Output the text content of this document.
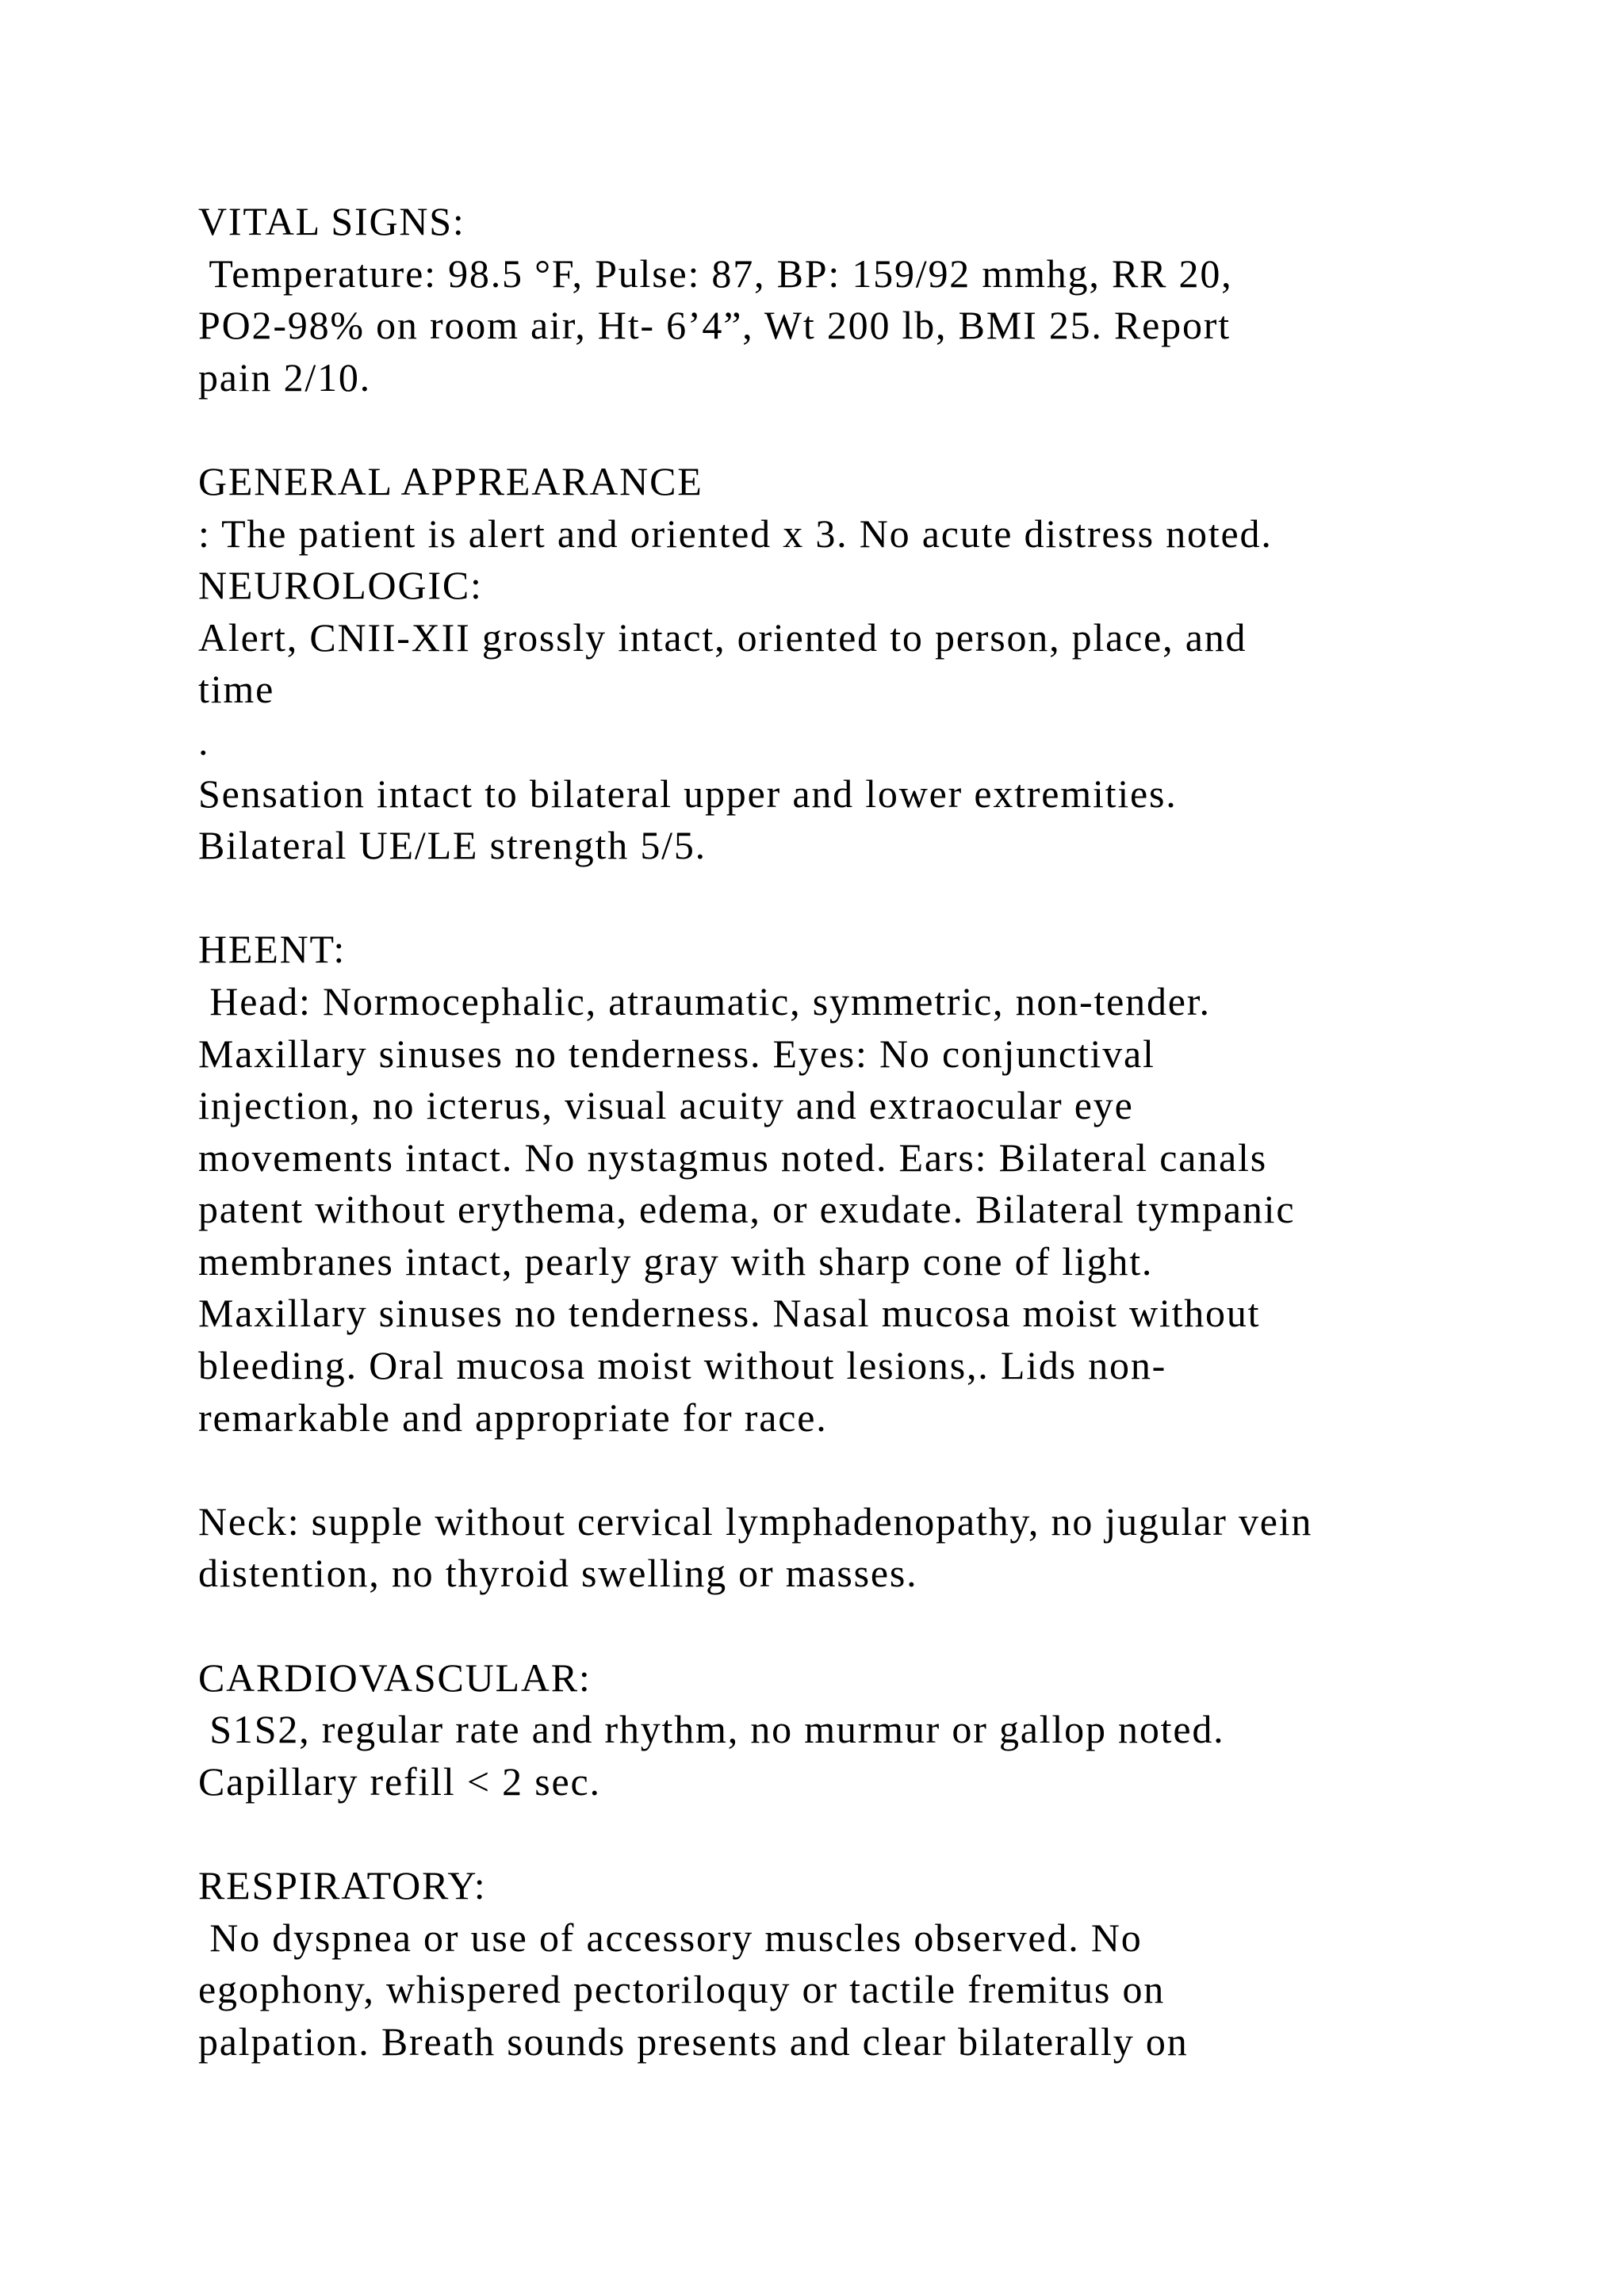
VITAL SIGNS:
Temperature: 98.5 °F, Pulse: 87, BP: 159/92 mmhg, RR 20,
PO2-98% on room air, Ht- 6’4”, Wt 200 lb, BMI 25. Report
pain 2/10.
GENERAL APPREARANCE
: The patient is alert and oriented x 3. No acute distress noted.
NEUROLOGIC:
Alert, CNII-XII grossly intact, oriented to person, place, and
time
.
Sensation intact to bilateral upper and lower extremities.
Bilateral UE/LE strength 5/5.
HEENT:
Head: Normocephalic, atraumatic, symmetric, non-tender.
Maxillary sinuses no tenderness. Eyes: No conjunctival
injection, no icterus, visual acuity and extraocular eye
movements intact. No nystagmus noted. Ears: Bilateral canals
patent without erythema, edema, or exudate. Bilateral tympanic
membranes intact, pearly gray with sharp cone of light.
Maxillary sinuses no tenderness. Nasal mucosa moist without
bleeding. Oral mucosa moist without lesions,. Lids non-
remarkable and appropriate for race.
Neck: supple without cervical lymphadenopathy, no jugular vein
distention, no thyroid swelling or masses.
CARDIOVASCULAR:
S1S2, regular rate and rhythm, no murmur or gallop noted.
Capillary refill < 2 sec.
RESPIRATORY:
No dyspnea or use of accessory muscles observed. No
egophony, whispered pectoriloquy or tactile fremitus on
palpation. Breath sounds presents and clear bilaterally on
